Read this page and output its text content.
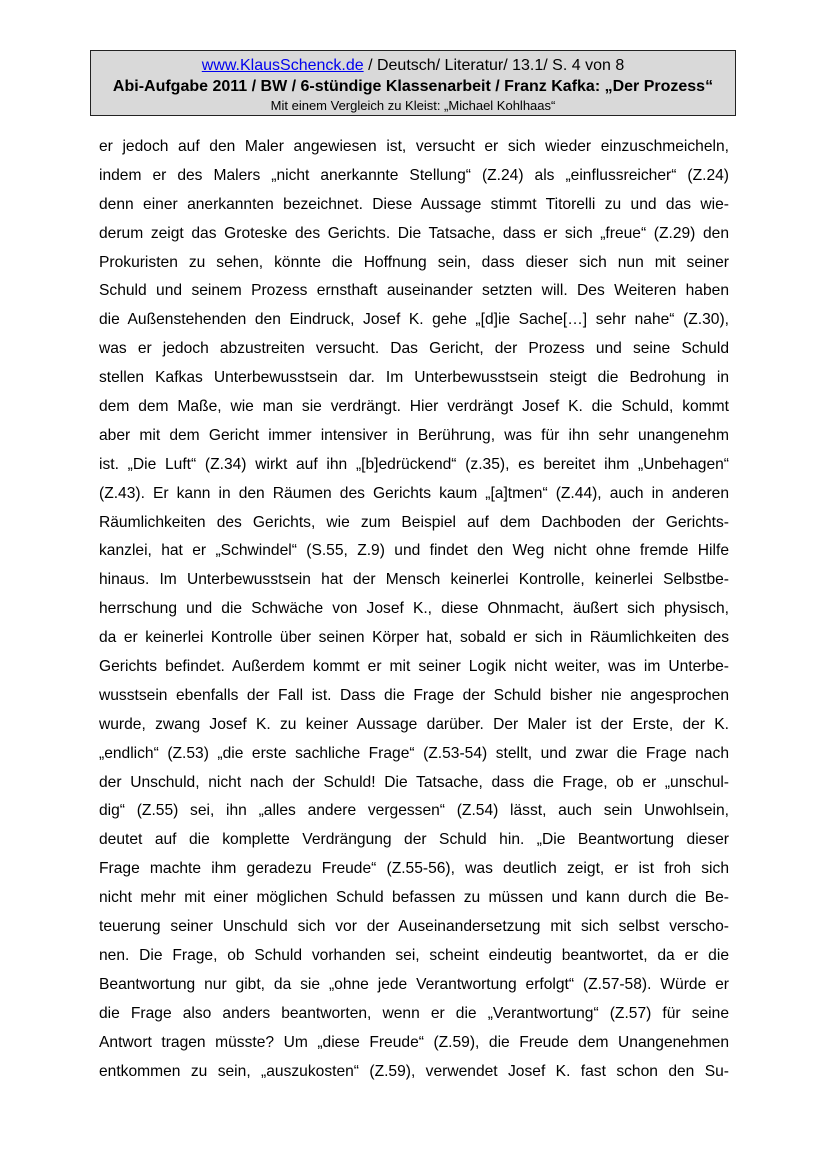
www.KlausSchenck.de / Deutsch/ Literatur/ 13.1/ S. 4 von 8
Abi-Aufgabe 2011 / BW / 6-stündige Klassenarbeit / Franz Kafka: „Der Prozess“
Mit einem Vergleich zu Kleist: „Michael Kohlhaas“
er jedoch auf den Maler angewiesen ist, versucht er sich wieder einzuschmeicheln,
indem er des Malers „nicht anerkannte Stellung“ (Z.24) als „einflussreicher“ (Z.24)
denn einer anerkannten bezeichnet. Diese Aussage stimmt Titorelli zu und das wie-
derum zeigt das Groteske des Gerichts. Die Tatsache, dass er sich „freue“ (Z.29) den
Prokuristen zu sehen, könnte die Hoffnung sein, dass dieser sich nun mit seiner
Schuld und seinem Prozess ernsthaft auseinander setzten will. Des Weiteren haben
die Außenstehenden den Eindruck, Josef K. gehe „[d]ie Sache[…] sehr nahe“ (Z.30),
was er jedoch abzustreiten versucht. Das Gericht, der Prozess und seine Schuld
stellen Kafkas Unterbewusstsein dar. Im Unterbewusstsein steigt die Bedrohung in
dem dem Maße, wie man sie verdrängt. Hier verdrängt Josef K. die Schuld, kommt
aber mit dem Gericht immer intensiver in Berührung, was für ihn sehr unangenehm
ist. „Die Luft“ (Z.34) wirkt auf ihn „[b]edrückend“ (z.35), es bereitet ihm „Unbehagen“
(Z.43). Er kann in den Räumen des Gerichts kaum „[a]tmen“ (Z.44), auch in anderen
Räumlichkeiten des Gerichts, wie zum Beispiel auf dem Dachboden der Gerichts-
kanzlei, hat er „Schwindel“ (S.55, Z.9) und findet den Weg nicht ohne fremde Hilfe
hinaus. Im Unterbewusstsein hat der Mensch keinerlei Kontrolle, keinerlei Selbstbe-
herrschung und die Schwäche von Josef K., diese Ohnmacht, äußert sich physisch,
da er keinerlei Kontrolle über seinen Körper hat, sobald er sich in Räumlichkeiten des
Gerichts befindet. Außerdem kommt er mit seiner Logik nicht weiter, was im Unterbe-
wusstsein ebenfalls der Fall ist. Dass die Frage der Schuld bisher nie angesprochen
wurde, zwang Josef K. zu keiner Aussage darüber. Der Maler ist der Erste, der K.
„endlich“ (Z.53) „die erste sachliche Frage“ (Z.53-54) stellt, und zwar die Frage nach
der Unschuld, nicht nach der Schuld! Die Tatsache, dass die Frage, ob er „unschul-
dig“ (Z.55) sei, ihn „alles andere vergessen“ (Z.54) lässt, auch sein Unwohlsein,
deutet auf die komplette Verdrängung der Schuld hin. „Die Beantwortung dieser
Frage machte ihm geradezu Freude“ (Z.55-56), was deutlich zeigt, er ist froh sich
nicht mehr mit einer möglichen Schuld befassen zu müssen und kann durch die Be-
teuerung seiner Unschuld sich vor der Auseinandersetzung mit sich selbst verscho-
nen. Die Frage, ob Schuld vorhanden sei, scheint eindeutig beantwortet, da er die
Beantwortung nur gibt, da sie „ohne jede Verantwortung erfolgt“ (Z.57-58). Würde er
die Frage also anders beantworten, wenn er die „Verantwortung“ (Z.57) für seine
Antwort tragen müsste? Um „diese Freude“ (Z.59), die Freude dem Unangenehmen
entkommen zu sein, „auszukosten“ (Z.59), verwendet Josef K. fast schon den Su-
